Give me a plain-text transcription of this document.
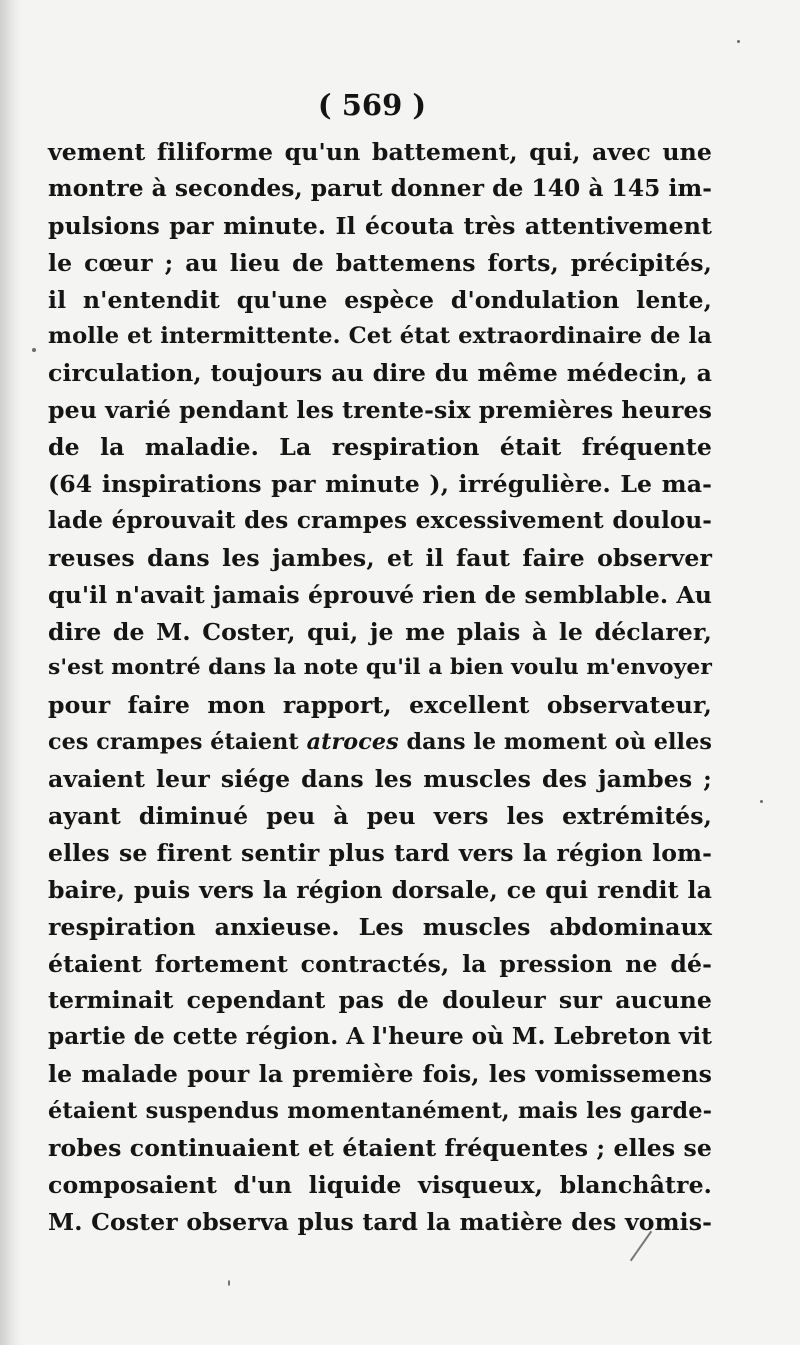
( 569 )
vement filiforme qu'un battement, qui, avec une
montre à secondes, parut donner de 140 à 145 im-
pulsions par minute. Il écouta très attentivement
le cœur ; au lieu de battemens forts, précipités,
il n'entendit qu'une espèce d'ondulation lente,
molle et intermittente. Cet état extraordinaire de la
circulation, toujours au dire du même médecin, a
peu varié pendant les trente-six premières heures
de la maladie. La respiration était fréquente
(64 inspirations par minute ), irrégulière. Le ma-
lade éprouvait des crampes excessivement doulou-
reuses dans les jambes, et il faut faire observer
qu'il n'avait jamais éprouvé rien de semblable. Au
dire de M. Coster, qui, je me plais à le déclarer,
s'est montré dans la note qu'il a bien voulu m'envoyer
pour faire mon rapport, excellent observateur,
ces crampes étaient atroces dans le moment où elles
avaient leur siége dans les muscles des jambes ;
ayant diminué peu à peu vers les extrémités,
elles se firent sentir plus tard vers la région lom-
baire, puis vers la région dorsale, ce qui rendit la
respiration anxieuse. Les muscles abdominaux
étaient fortement contractés, la pression ne dé-
terminait cependant pas de douleur sur aucune
partie de cette région. A l'heure où M. Lebreton vit
le malade pour la première fois, les vomissemens
étaient suspendus momentanément, mais les garde-
robes continuaient et étaient fréquentes ; elles se
composaient d'un liquide visqueux, blanchâtre.
M. Coster observa plus tard la matière des vomis-
